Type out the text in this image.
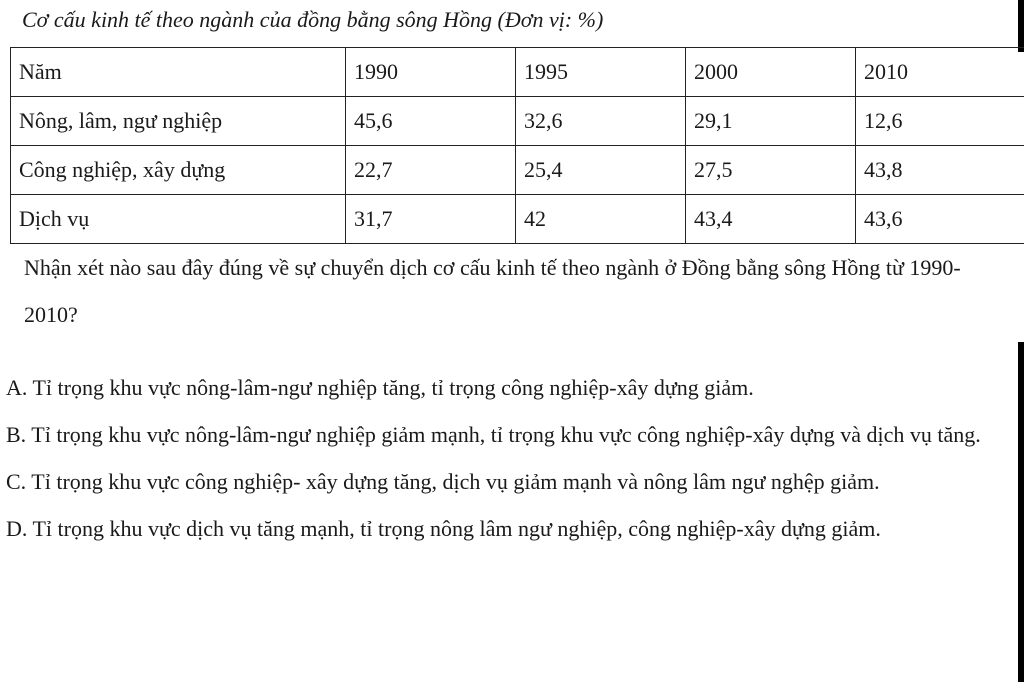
Cơ cấu kinh tế theo ngành của đồng bằng sông Hồng (Đơn vị: %)
Năm	1990	1995	2000	2010
Nông, lâm, ngư nghiệp	45,6	32,6	29,1	12,6
Công nghiệp, xây dựng	22,7	25,4	27,5	43,8
Dịch vụ	31,7	42	43,4	43,6
Nhận xét nào sau đây đúng về sự chuyển dịch cơ cấu kinh tế theo ngành ở Đồng bằng sông Hồng từ 1990-2010?
A. Tỉ trọng khu vực nông-lâm-ngư nghiệp tăng, tỉ trọng công nghiệp-xây dựng giảm.
B. Tỉ trọng khu vực nông-lâm-ngư nghiệp giảm mạnh, tỉ trọng khu vực công nghiệp-xây dựng và dịch vụ tăng.
C. Tỉ trọng khu vực công nghiệp- xây dựng tăng, dịch vụ giảm mạnh và nông lâm ngư nghệp giảm.
D. Tỉ trọng khu vực dịch vụ tăng mạnh, tỉ trọng nông lâm ngư nghiệp, công nghiệp-xây dựng giảm.
